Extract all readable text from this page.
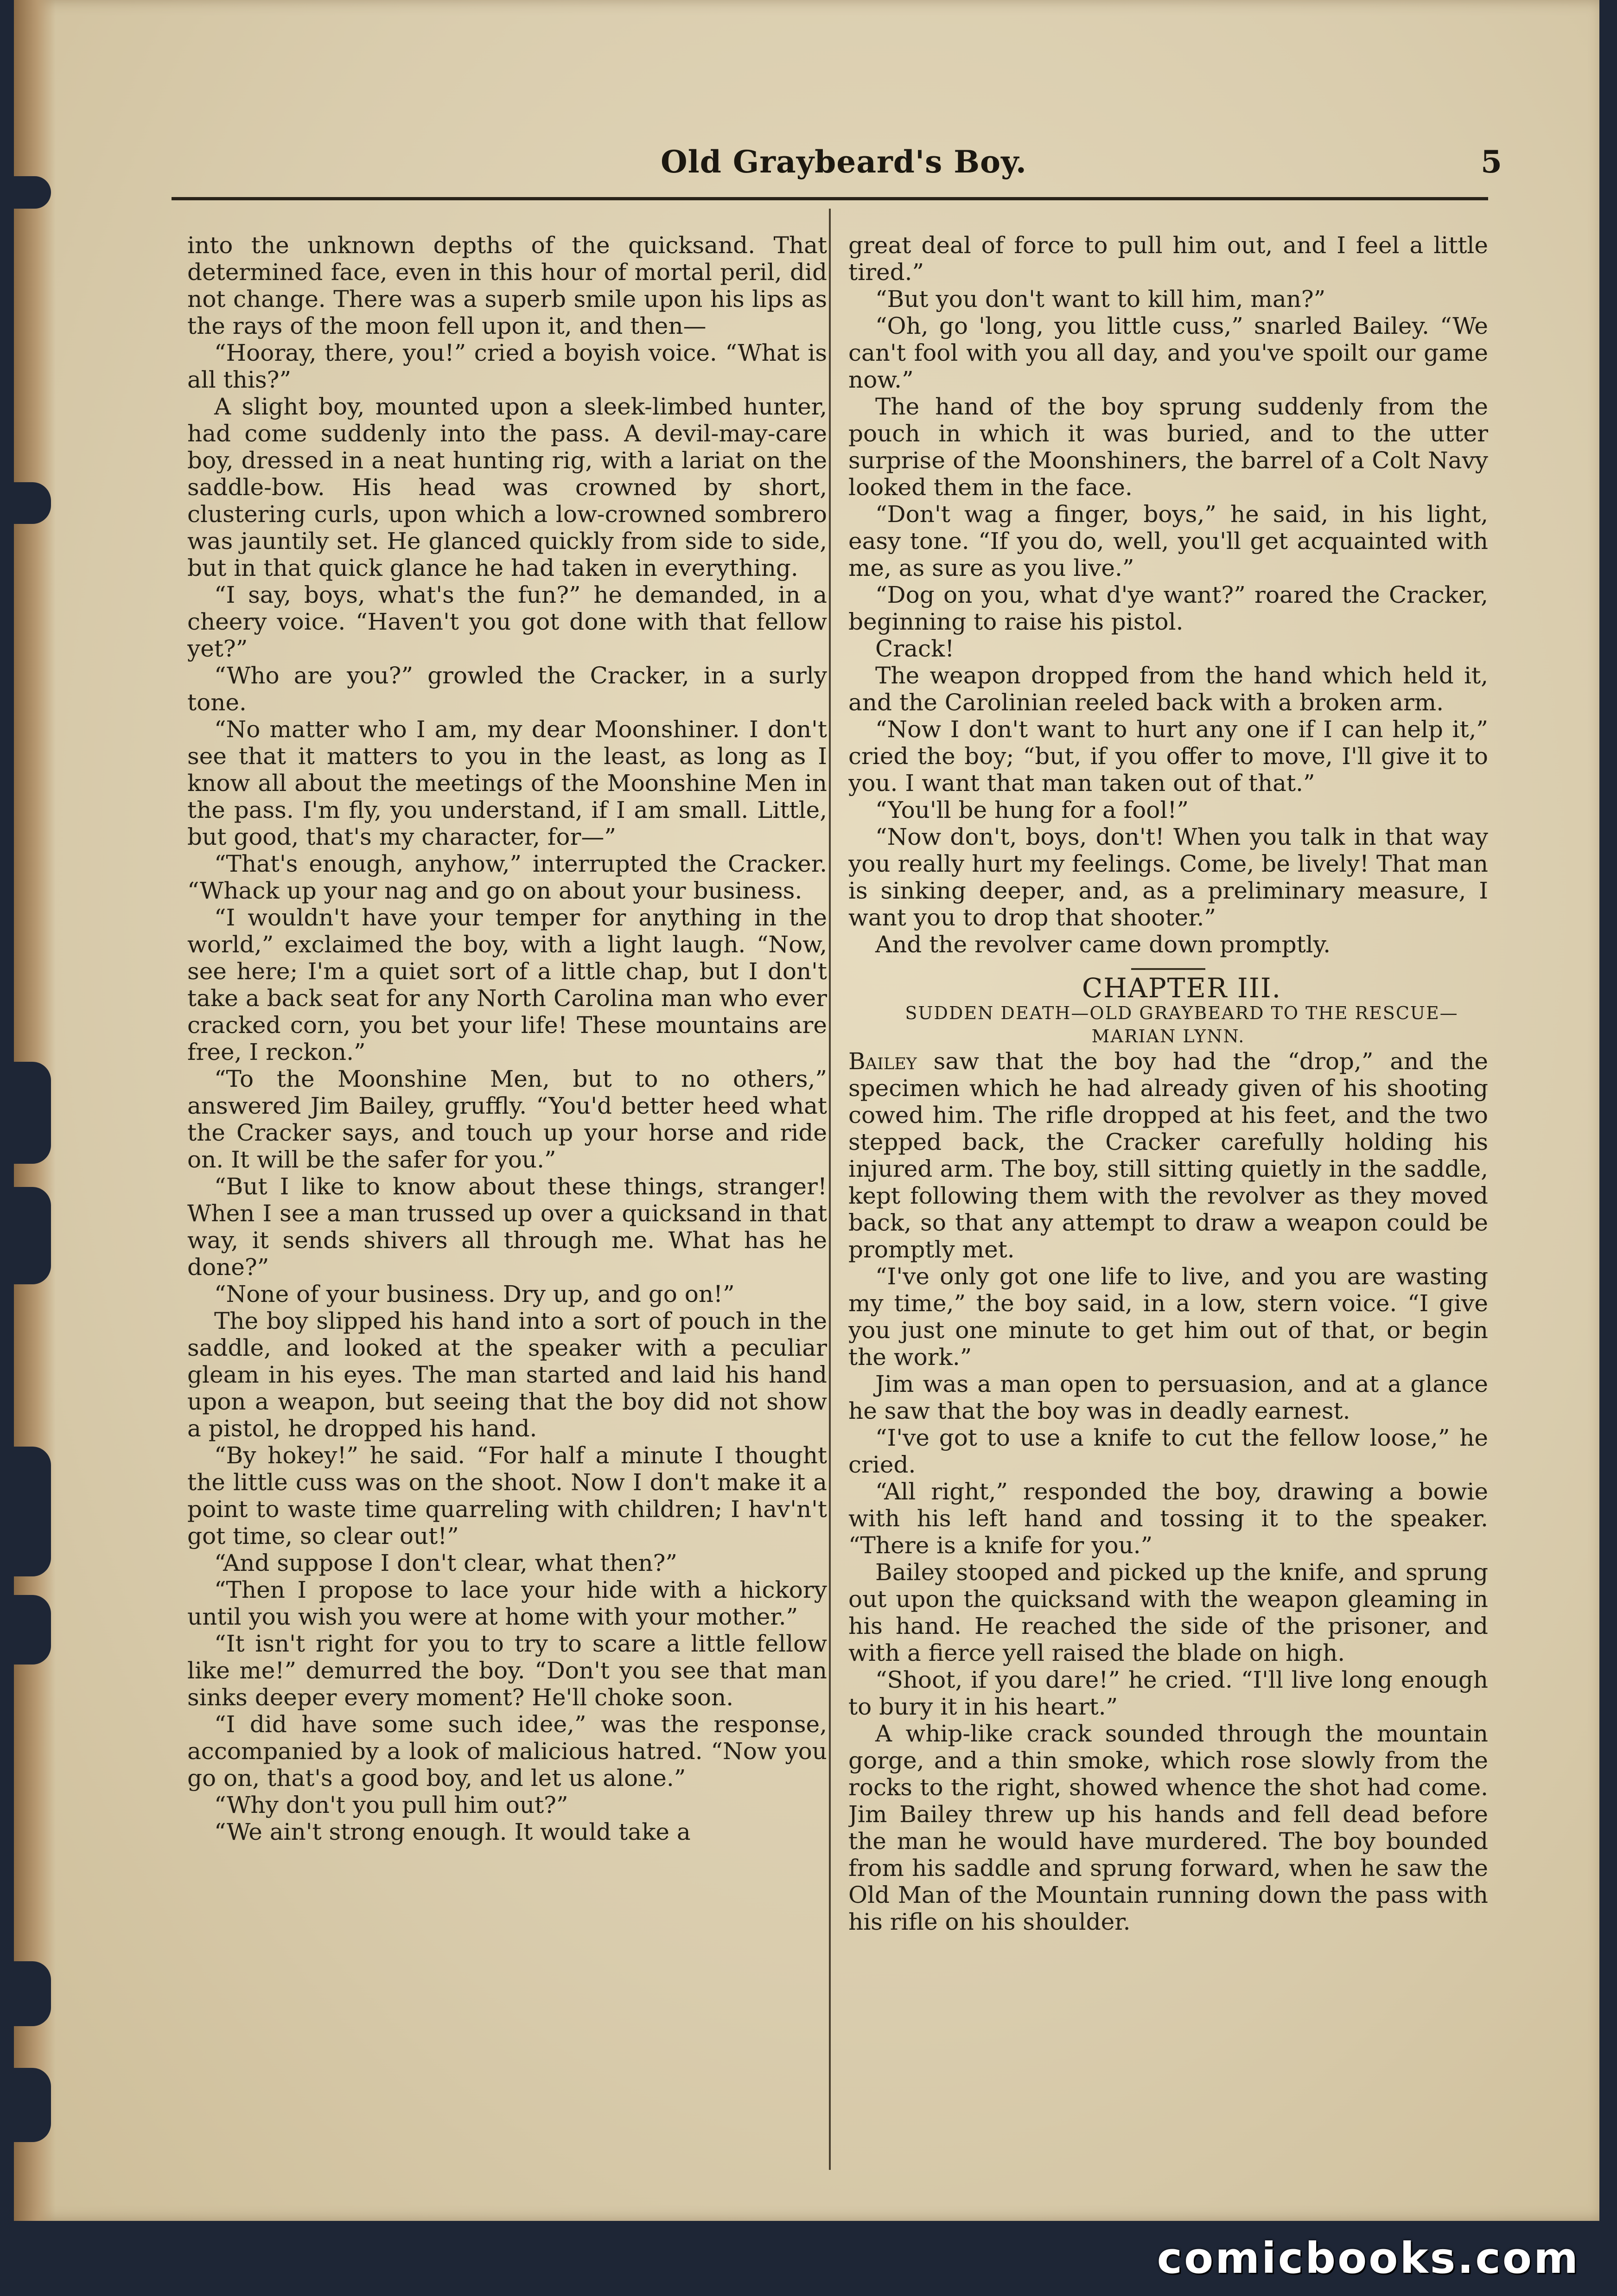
Old Graybeard's Boy.	5

into the unknown depths of the quicksand. That determined face, even in this hour of mortal peril, did not change. There was a superb smile upon his lips as the rays of the moon fell upon it, and then—

“Hooray, there, you!” cried a boyish voice. “What is all this?”

A slight boy, mounted upon a sleek-limbed hunter, had come suddenly into the pass. A devil-may-care boy, dressed in a neat hunting rig, with a lariat on the saddle-bow. His head was crowned by short, clustering curls, upon which a low-crowned sombrero was jauntily set. He glanced quickly from side to side, but in that quick glance he had taken in everything.

“I say, boys, what's the fun?” he demanded, in a cheery voice. “Haven't you got done with that fellow yet?”

“Who are you?” growled the Cracker, in a surly tone.

“No matter who I am, my dear Moonshiner. I don't see that it matters to you in the least, as long as I know all about the meetings of the Moonshine Men in the pass. I'm fly, you understand, if I am small. Little, but good, that's my character, for—”

“That's enough, anyhow,” interrupted the Cracker. “Whack up your nag and go on about your business.

“I wouldn't have your temper for anything in the world,” exclaimed the boy, with a light laugh. “Now, see here; I'm a quiet sort of a little chap, but I don't take a back seat for any North Carolina man who ever cracked corn, you bet your life! These mountains are free, I reckon.”

“To the Moonshine Men, but to no others,” answered Jim Bailey, gruffly. “You'd better heed what the Cracker says, and touch up your horse and ride on. It will be the safer for you.”

“But I like to know about these things, stranger! When I see a man trussed up over a quicksand in that way, it sends shivers all through me. What has he done?”

“None of your business. Dry up, and go on!”

The boy slipped his hand into a sort of pouch in the saddle, and looked at the speaker with a peculiar gleam in his eyes. The man started and laid his hand upon a weapon, but seeing that the boy did not show a pistol, he dropped his hand.

“By hokey!” he said. “For half a minute I thought the little cuss was on the shoot. Now I don't make it a point to waste time quarreling with children; I hav'n't got time, so clear out!”

“And suppose I don't clear, what then?”

“Then I propose to lace your hide with a hickory until you wish you were at home with your mother.”

“It isn't right for you to try to scare a little fellow like me!” demurred the boy. “Don't you see that man sinks deeper every moment? He'll choke soon.

“I did have some such idee,” was the response, accompanied by a look of malicious hatred. “Now you go on, that's a good boy, and let us alone.”

“Why don't you pull him out?”

“We ain't strong enough. It would take a

great deal of force to pull him out, and I feel a little tired.”

“But you don't want to kill him, man?”

“Oh, go 'long, you little cuss,” snarled Bailey. “We can't fool with you all day, and you've spoilt our game now.”

The hand of the boy sprung suddenly from the pouch in which it was buried, and to the utter surprise of the Moonshiners, the barrel of a Colt Navy looked them in the face.

“Don't wag a finger, boys,” he said, in his light, easy tone. “If you do, well, you'll get acquainted with me, as sure as you live.”

“Dog on you, what d'ye want?” roared the Cracker, beginning to raise his pistol.

Crack!

The weapon dropped from the hand which held it, and the Carolinian reeled back with a broken arm.

“Now I don't want to hurt any one if I can help it,” cried the boy; “but, if you offer to move, I'll give it to you. I want that man taken out of that.”

“You'll be hung for a fool!”

“Now don't, boys, don't! When you talk in that way you really hurt my feelings. Come, be lively! That man is sinking deeper, and, as a preliminary measure, I want you to drop that shooter.”

And the revolver came down promptly.

CHAPTER III.

SUDDEN DEATH—OLD GRAYBEARD TO THE RESCUE—MARIAN LYNN.

Bailey saw that the boy had the “drop,” and the specimen which he had already given of his shooting cowed him. The rifle dropped at his feet, and the two stepped back, the Cracker carefully holding his injured arm. The boy, still sitting quietly in the saddle, kept following them with the revolver as they moved back, so that any attempt to draw a weapon could be promptly met.

“I've only got one life to live, and you are wasting my time,” the boy said, in a low, stern voice. “I give you just one minute to get him out of that, or begin the work.”

Jim was a man open to persuasion, and at a glance he saw that the boy was in deadly earnest.

“I've got to use a knife to cut the fellow loose,” he cried.

“All right,” responded the boy, drawing a bowie with his left hand and tossing it to the speaker. “There is a knife for you.”

Bailey stooped and picked up the knife, and sprung out upon the quicksand with the weapon gleaming in his hand. He reached the side of the prisoner, and with a fierce yell raised the blade on high.

“Shoot, if you dare!” he cried. “I'll live long enough to bury it in his heart.”

A whip-like crack sounded through the mountain gorge, and a thin smoke, which rose slowly from the rocks to the right, showed whence the shot had come. Jim Bailey threw up his hands and fell dead before the man he would have murdered. The boy bounded from his saddle and sprung forward, when he saw the Old Man of the Mountain running down the pass with his rifle on his shoulder.

comicbooks.com
